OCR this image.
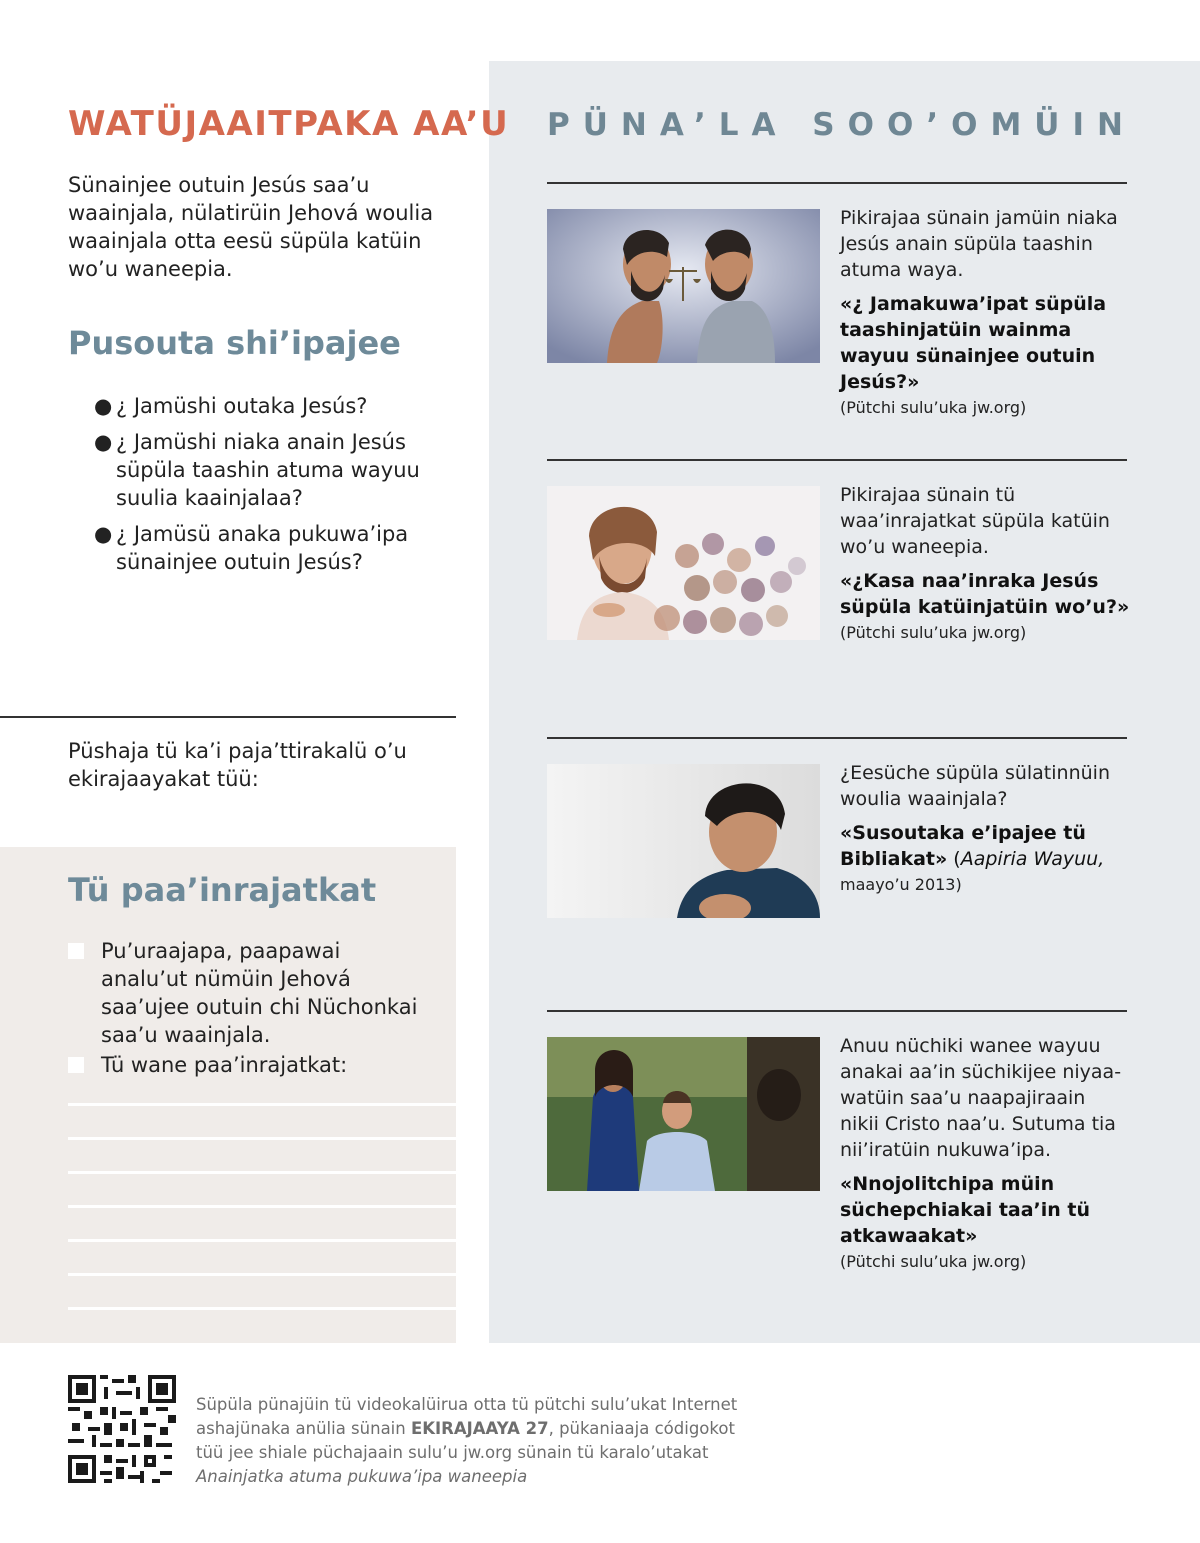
WATÜJAAITPAKA AA’U

Sünainjee outuin Jesús saa’u waainjala, nülatirüin Jehová woulia waainjala otta eesü süpüla katüin wo’u waneepia.

Pusouta shi’ipajee
● ¿ Jamüshi outaka Jesús?
● ¿ Jamüshi niaka anain Jesús süpüla taashin atuma wayuu suulia kaainjalaa?
● ¿ Jamüsü anaka pukuwa’ipa sünainjee outuin Jesús?

Püshaja tü ka’i paja’ttirakalü o’u ekirajaayakat tüü:

Tü paa’inrajatkat
Pu’uraajapa, paapawai analu’ut nümüin Jehová saa’ujee outuin chi Nüchonkai saa’u waainjala.
Tü wane paa’inrajatkat:
PÜNA’LA SOO’OMÜIN

Pikirajaa sünain jamüin niaka Jesús anain süpüla taashin atuma waya.

«¿ Jamakuwa’ipat süpüla taashinjatüin wainma wayuu sünainjee outuin Jesús?»

(Pütchi sulu’uka jw.org)

Pikirajaa sünain tü waa’inrajatkat süpüla katüin wo’u waneepia.

«¿Kasa naa’inraka Jesús süpüla katüinjatüin wo’u?»

(Pütchi sulu’uka jw.org)

¿Eesüche süpüla sülatinnüin woulia waainjala?

«Susoutaka e’ipajee tü Bibliakat» (Aapiria Wayuu,

maayo’u 2013)

Anuu nüchiki wanee wayuu anakai aa’in süchikijee niyaawatüin saa’u naapajiraain nikii Cristo naa’u. Sutuma tia nii’iratüin nukuwa’ipa.

«Nnojolitchipa müin süchepchiakai taa’in tü atkawaakat»

(Pütchi sulu’uka jw.org)

Süpüla pünajüin tü videokalüirua otta tü pütchi sulu’ukat Internet
ashajünaka anülia sünain EKIRAJAAYA 27, pükaniaaja códigokot
tüü jee shiale püchajaain sulu’u jw.org sünain tü karalo’utakat
Anainjatka atuma pukuwa’ipa waneepia
